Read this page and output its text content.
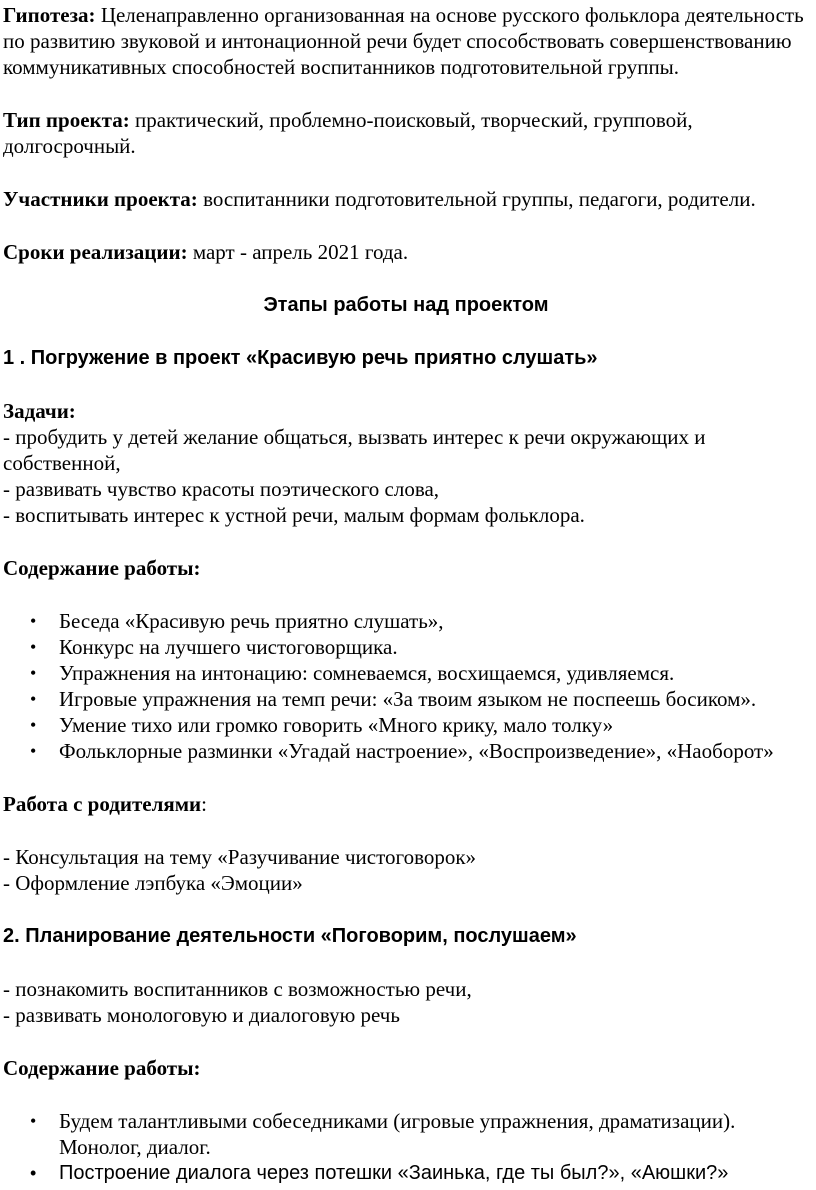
Гипотеза: Целенаправленно организованная на основе русского фольклора деятельность по развитию звуковой и интонационной речи будет способствовать совершенствованию коммуникативных способностей воспитанников подготовительной группы.

Тип проекта: практический, проблемно-поисковый, творческий, групповой, долгосрочный.

Участники проекта: воспитанники подготовительной группы, педагоги, родители.

Сроки реализации: март - апрель 2021 года.

Этапы работы над проектом

1 . Погружение в проект «Красивую речь приятно слушать»

Задачи:

- пробудить у детей желание общаться, вызвать интерес к речи окружающих и собственной,

- развивать чувство красоты поэтического слова,

- воспитывать интерес к устной речи, малым формам фольклора.

Содержание работы:

• Беседа «Красивую речь приятно слушать»,
• Конкурс на лучшего чистоговорщика.
• Упражнения на интонацию: сомневаемся, восхищаемся, удивляемся.
• Игровые упражнения на темп речи: «За твоим языком не поспеешь босиком».
• Умение тихо или громко говорить «Много крику, мало толку»
• Фольклорные разминки «Угадай настроение», «Воспроизведение», «Наоборот»

Работа с родителями:

- Консультация на тему «Разучивание чистоговорок»

- Оформление лэпбука «Эмоции»

2. Планирование деятельности «Поговорим, послушаем»

- познакомить воспитанников с возможностью речи,

- развивать монологовую и диалоговую речь

Содержание работы:

• Будем талантливыми собеседниками (игровые упражнения, драматизации). Монолог, диалог.
• Построение диалога через потешки «Заинька, где ты был?», «Аюшки?»
